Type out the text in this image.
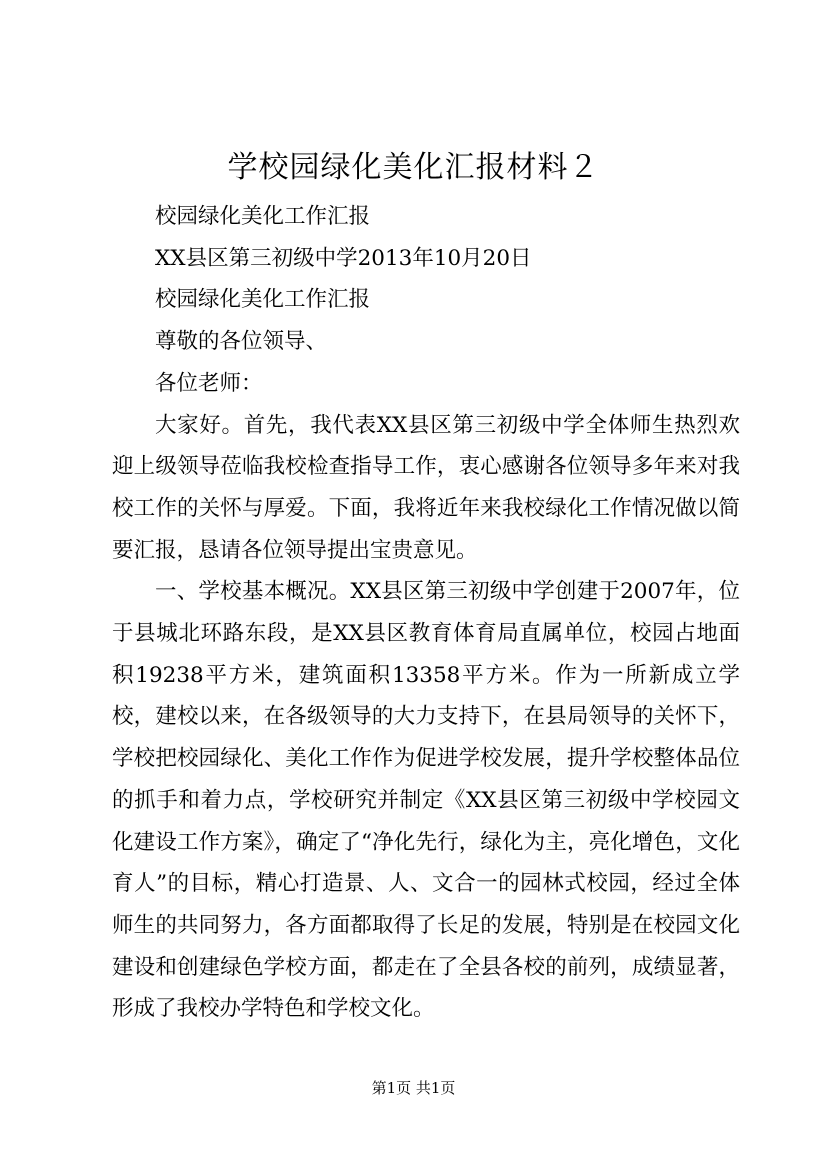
学校园绿化美化汇报材料２

校园绿化美化工作汇报

XX县区第三初级中学2013年10月20日

校园绿化美化工作汇报

尊敬的各位领导、

各位老师：

大家好。首先，我代表XX县区第三初级中学全体师生热烈欢迎上级领导莅临我校检查指导工作，衷心感谢各位领导多年来对我校工作的关怀与厚爱。下面，我将近年来我校绿化工作情况做以简要汇报，恳请各位领导提出宝贵意见。

一、学校基本概况。XX县区第三初级中学创建于2007年，位于县城北环路东段，是XX县区教育体育局直属单位，校园占地面积19238平方米，建筑面积13358平方米。作为一所新成立学校，建校以来，在各级领导的大力支持下，在县局领导的关怀下，学校把校园绿化、美化工作作为促进学校发展，提升学校整体品位的抓手和着力点，学校研究并制定《XX县区第三初级中学校园文化建设工作方案》，确定了“净化先行，绿化为主，亮化增色，文化育人”的目标，精心打造景、人、文合一的园林式校园，经过全体师生的共同努力，各方面都取得了长足的发展，特别是在校园文化建设和创建绿色学校方面，都走在了全县各校的前列，成绩显著，形成了我校办学特色和学校文化。

第1页 共1页
